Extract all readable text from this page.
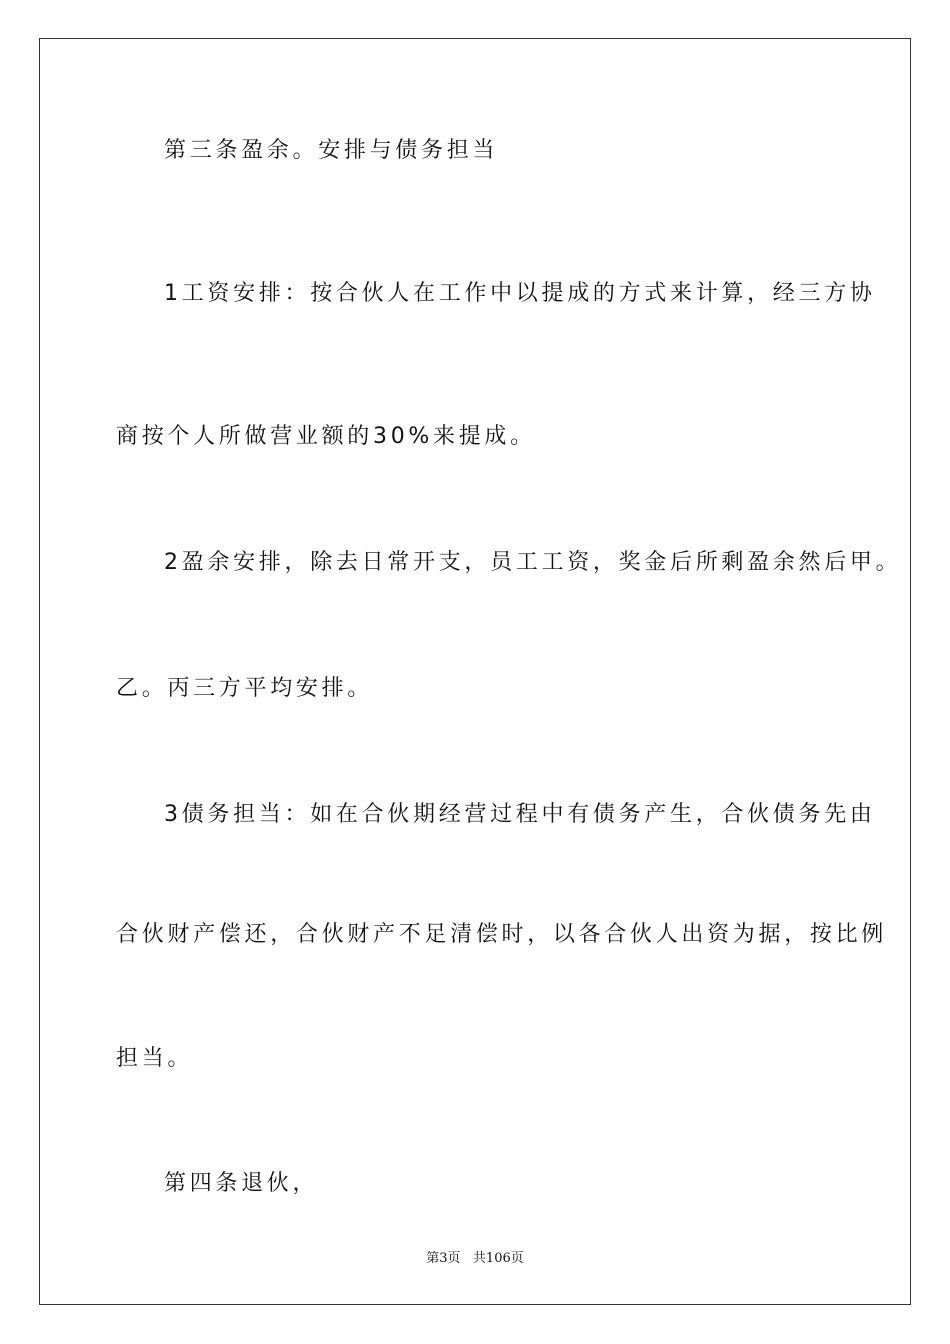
第三条盈余。安排与债务担当
1工资安排：按合伙人在工作中以提成的方式来计算，经三方协
商按个人所做营业额的30%来提成。
2盈余安排，除去日常开支，员工工资，奖金后所剩盈余然后甲。
乙。丙三方平均安排。
3债务担当：如在合伙期经营过程中有债务产生，合伙债务先由
合伙财产偿还，合伙财产不足清偿时，以各合伙人出资为据，按比例
担当。
第四条退伙，
第3页   共106页
